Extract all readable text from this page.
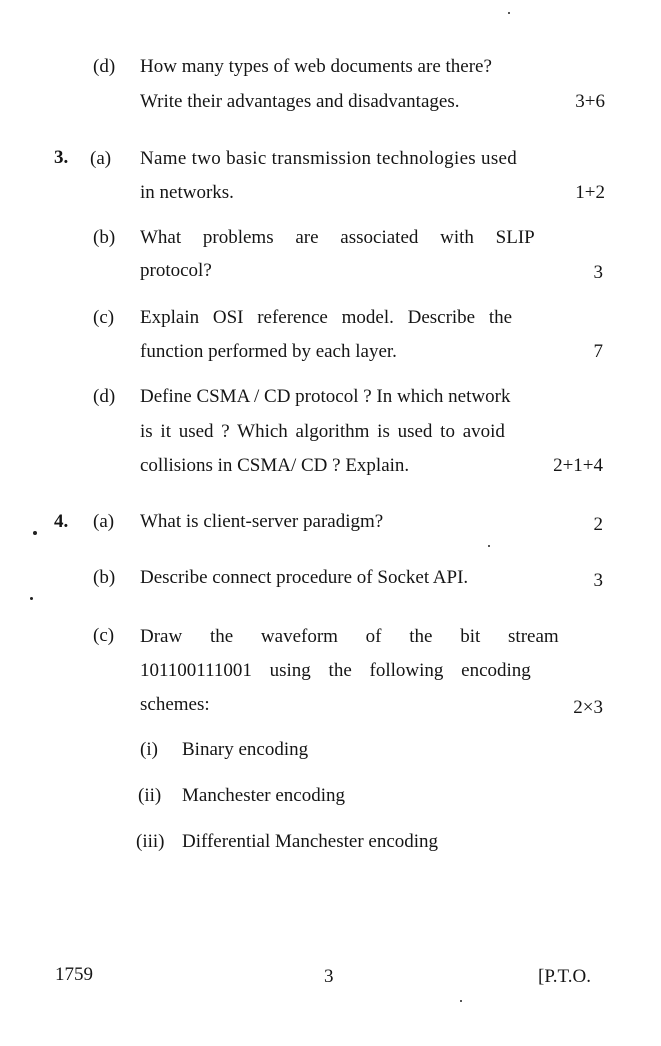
(d) How many types of web documents are there?
Write their advantages and disadvantages.	3+6
3. (a) Name two basic transmission technologies used
in networks.	1+2
(b) What problems are associated with SLIP
protocol?	3
(c) Explain OSI reference model. Describe the
function performed by each layer.	7
(d) Define CSMA / CD protocol ? In which network
is it used ? Which algorithm is used to avoid
collisions in CSMA/ CD ? Explain.	2+1+4
4. (a) What is client-server paradigm?	2
(b) Describe connect procedure of Socket API.	3
(c) Draw the waveform of the bit stream
101100111001 using the following encoding
schemes:	2×3
(i) Binary encoding
(ii) Manchester encoding
(iii) Differential Manchester encoding
1759	3	[P.T.O.
